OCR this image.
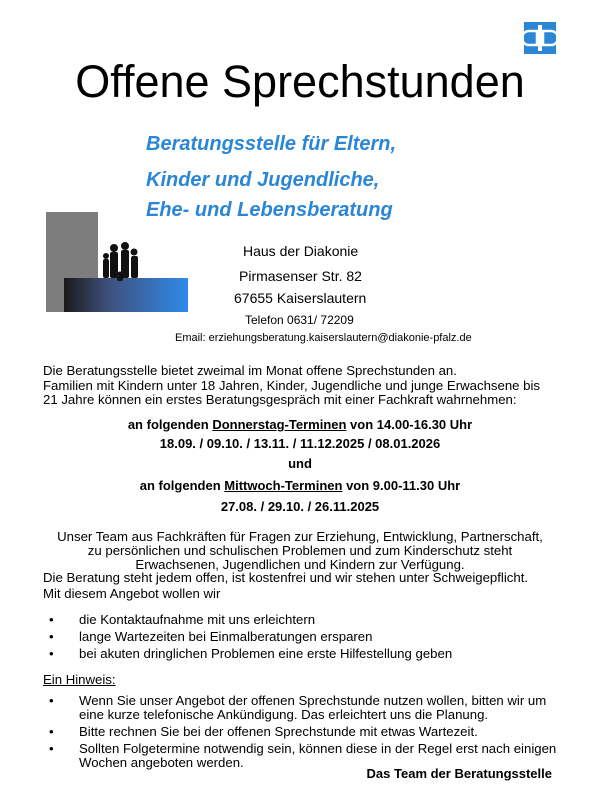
Offene Sprechstunden
Beratungsstelle für Eltern,
Kinder und Jugendliche,
Ehe- und Lebensberatung
Haus der Diakonie
Pirmasenser Str. 82
67655 Kaiserslautern
Telefon 0631/ 72209
Email: erziehungsberatung.kaiserslautern@diakonie-pfalz.de
Die Beratungsstelle bietet zweimal im Monat offene Sprechstunden an.
Familien mit Kindern unter 18 Jahren, Kinder, Jugendliche und junge Erwachsene bis 21 Jahre können ein erstes Beratungsgespräch mit einer Fachkraft wahrnehmen:
an folgenden Donnerstag-Terminen von 14.00-16.30 Uhr
18.09. / 09.10. / 13.11. / 11.12.2025 / 08.01.2026
und
an folgenden Mittwoch-Terminen von 9.00-11.30 Uhr
27.08. / 29.10. / 26.11.2025
Unser Team aus Fachkräften für Fragen zur Erziehung, Entwicklung, Partnerschaft, zu persönlichen und schulischen Problemen und zum Kinderschutz steht Erwachsenen, Jugendlichen und Kindern zur Verfügung.
Die Beratung steht jedem offen, ist kostenfrei und wir stehen unter Schweigepflicht.
Mit diesem Angebot wollen wir
• die Kontaktaufnahme mit uns erleichtern
• lange Wartezeiten bei Einmalberatungen ersparen
• bei akuten dringlichen Problemen eine erste Hilfestellung geben
Ein Hinweis:
• Wenn Sie unser Angebot der offenen Sprechstunde nutzen wollen, bitten wir um eine kurze telefonische Ankündigung. Das erleichtert uns die Planung.
• Bitte rechnen Sie bei der offenen Sprechstunde mit etwas Wartezeit.
• Sollten Folgetermine notwendig sein, können diese in der Regel erst nach einigen Wochen angeboten werden.
Das Team der Beratungsstelle
